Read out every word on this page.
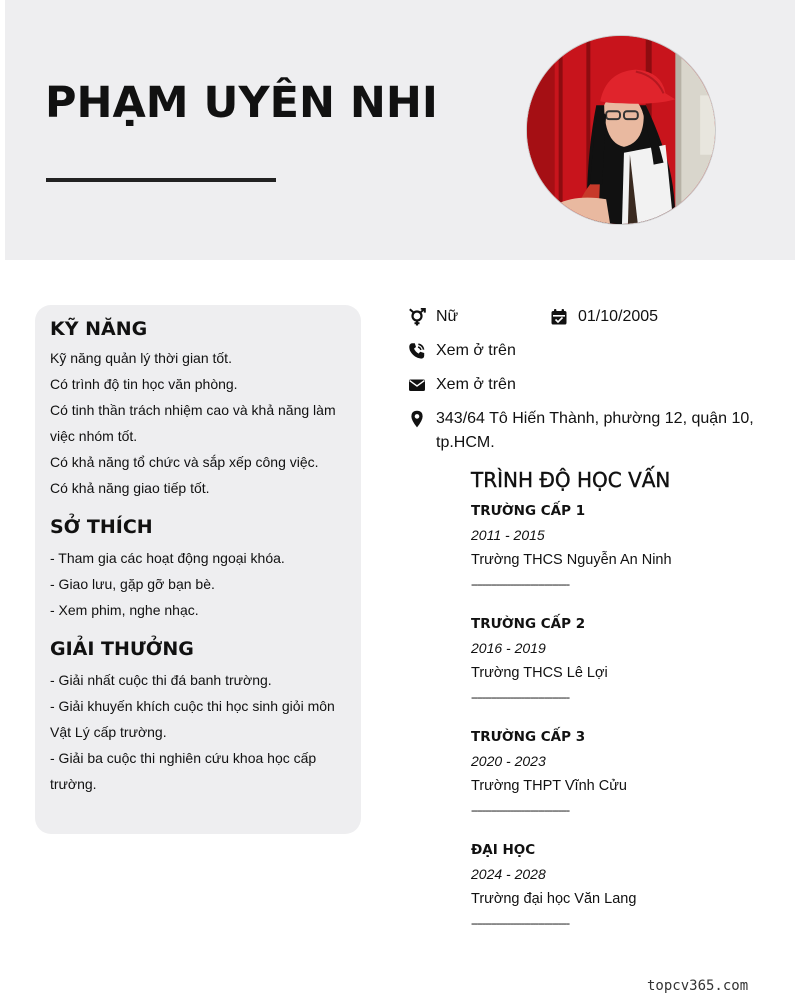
PHẠM UYÊN NHI
KỸ NĂNG
Kỹ năng quản lý thời gian tốt.
Có trình độ tin học văn phòng.
Có tinh thần trách nhiệm cao và khả năng làm
việc nhóm tốt.
Có khả năng tổ chức và sắp xếp công việc.
Có khả năng giao tiếp tốt.
SỞ THÍCH
- Tham gia các hoạt động ngoại khóa.
- Giao lưu, gặp gỡ bạn bè.
- Xem phim, nghe nhạc.
GIẢI THƯỞNG
- Giải nhất cuộc thi đá banh trường.
- Giải khuyến khích cuộc thi học sinh giỏi môn
Vật Lý cấp trường.
- Giải ba cuộc thi nghiên cứu khoa học cấp
trường.
Nữ	01/10/2005
Xem ở trên
Xem ở trên
343/64 Tô Hiến Thành, phường 12, quận 10, tp.HCM.
TRÌNH ĐỘ HỌC VẤN
TRƯỜNG CẤP 1
2011 - 2015
Trường THCS Nguyễn An Ninh
-----------------------------------
TRƯỜNG CẤP 2
2016 - 2019
Trường THCS Lê Lợi
-----------------------------------
TRƯỜNG CẤP 3
2020 - 2023
Trường THPT Vĩnh Cửu
-----------------------------------
ĐẠI HỌC
2024 - 2028
Trường đại học Văn Lang
-----------------------------------
topcv365.com
